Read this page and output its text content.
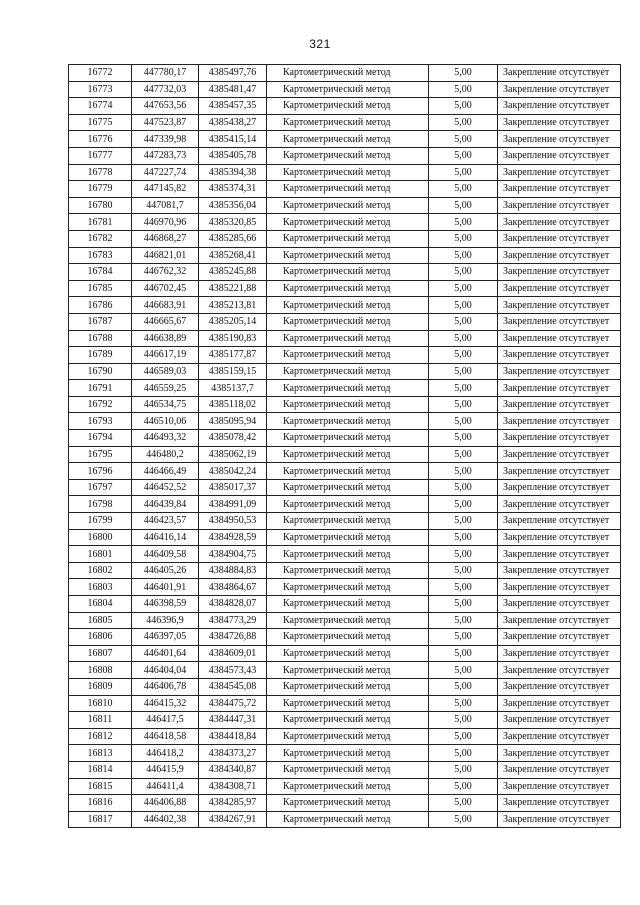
321
16772	447780,17	4385497,76	Картометрический метод	5,00	Закрепление отсутствует
16773	447732,03	4385481,47	Картометрический метод	5,00	Закрепление отсутствует
16774	447653,56	4385457,35	Картометрический метод	5,00	Закрепление отсутствует
16775	447523,87	4385438,27	Картометрический метод	5,00	Закрепление отсутствует
16776	447339,98	4385415,14	Картометрический метод	5,00	Закрепление отсутствует
16777	447283,73	4385405,78	Картометрический метод	5,00	Закрепление отсутствует
16778	447227,74	4385394,38	Картометрический метод	5,00	Закрепление отсутствует
16779	447145,82	4385374,31	Картометрический метод	5,00	Закрепление отсутствует
16780	447081,7	4385356,04	Картометрический метод	5,00	Закрепление отсутствует
16781	446970,96	4385320,85	Картометрический метод	5,00	Закрепление отсутствует
16782	446868,27	4385285,66	Картометрический метод	5,00	Закрепление отсутствует
16783	446821,01	4385268,41	Картометрический метод	5,00	Закрепление отсутствует
16784	446762,32	4385245,88	Картометрический метод	5,00	Закрепление отсутствует
16785	446702,45	4385221,88	Картометрический метод	5,00	Закрепление отсутствует
16786	446683,91	4385213,81	Картометрический метод	5,00	Закрепление отсутствует
16787	446665,67	4385205,14	Картометрический метод	5,00	Закрепление отсутствует
16788	446638,89	4385190,83	Картометрический метод	5,00	Закрепление отсутствует
16789	446617,19	4385177,87	Картометрический метод	5,00	Закрепление отсутствует
16790	446589,03	4385159,15	Картометрический метод	5,00	Закрепление отсутствует
16791	446559,25	4385137,7	Картометрический метод	5,00	Закрепление отсутствует
16792	446534,75	4385118,02	Картометрический метод	5,00	Закрепление отсутствует
16793	446510,06	4385095,94	Картометрический метод	5,00	Закрепление отсутствует
16794	446493,32	4385078,42	Картометрический метод	5,00	Закрепление отсутствует
16795	446480,2	4385062,19	Картометрический метод	5,00	Закрепление отсутствует
16796	446466,49	4385042,24	Картометрический метод	5,00	Закрепление отсутствует
16797	446452,52	4385017,37	Картометрический метод	5,00	Закрепление отсутствует
16798	446439,84	4384991,09	Картометрический метод	5,00	Закрепление отсутствует
16799	446423,57	4384950,53	Картометрический метод	5,00	Закрепление отсутствует
16800	446416,14	4384928,59	Картометрический метод	5,00	Закрепление отсутствует
16801	446409,58	4384904,75	Картометрический метод	5,00	Закрепление отсутствует
16802	446405,26	4384884,83	Картометрический метод	5,00	Закрепление отсутствует
16803	446401,91	4384864,67	Картометрический метод	5,00	Закрепление отсутствует
16804	446398,59	4384828,07	Картометрический метод	5,00	Закрепление отсутствует
16805	446396,9	4384773,29	Картометрический метод	5,00	Закрепление отсутствует
16806	446397,05	4384726,88	Картометрический метод	5,00	Закрепление отсутствует
16807	446401,64	4384609,01	Картометрический метод	5,00	Закрепление отсутствует
16808	446404,04	4384573,43	Картометрический метод	5,00	Закрепление отсутствует
16809	446406,78	4384545,08	Картометрический метод	5,00	Закрепление отсутствует
16810	446415,32	4384475,72	Картометрический метод	5,00	Закрепление отсутствует
16811	446417,5	4384447,31	Картометрический метод	5,00	Закрепление отсутствует
16812	446418,58	4384418,84	Картометрический метод	5,00	Закрепление отсутствует
16813	446418,2	4384373,27	Картометрический метод	5,00	Закрепление отсутствует
16814	446415,9	4384340,87	Картометрический метод	5,00	Закрепление отсутствует
16815	446411,4	4384308,71	Картометрический метод	5,00	Закрепление отсутствует
16816	446406,88	4384285,97	Картометрический метод	5,00	Закрепление отсутствует
16817	446402,38	4384267,91	Картометрический метод	5,00	Закрепление отсутствует
